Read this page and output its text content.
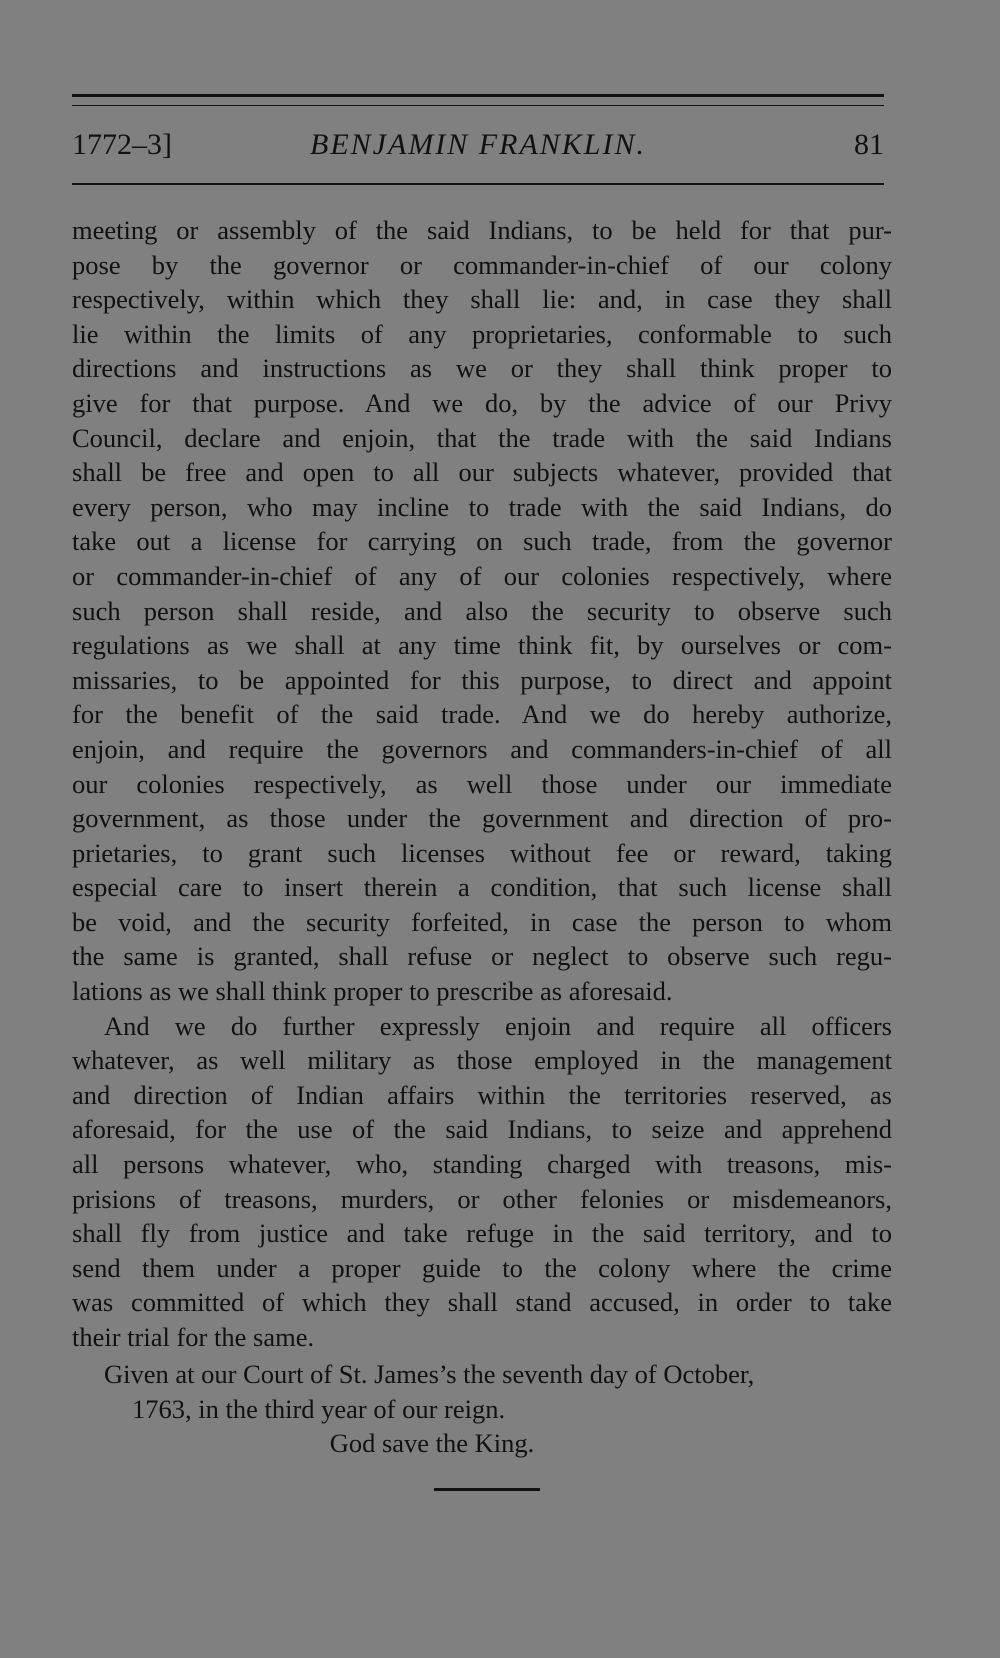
1772–3]	BENJAMIN FRANKLIN.	81
meeting or assembly of the said Indians, to be held for that pur-
pose by the governor or commander-in-chief of our colony
respectively, within which they shall lie: and, in case they shall
lie within the limits of any proprietaries, conformable to such
directions and instructions as we or they shall think proper to
give for that purpose. And we do, by the advice of our Privy
Council, declare and enjoin, that the trade with the said Indians
shall be free and open to all our subjects whatever, provided that
every person, who may incline to trade with the said Indians, do
take out a license for carrying on such trade, from the governor
or commander-in-chief of any of our colonies respectively, where
such person shall reside, and also the security to observe such
regulations as we shall at any time think fit, by ourselves or com-
missaries, to be appointed for this purpose, to direct and appoint
for the benefit of the said trade. And we do hereby authorize,
enjoin, and require the governors and commanders-in-chief of all
our colonies respectively, as well those under our immediate
government, as those under the government and direction of pro-
prietaries, to grant such licenses without fee or reward, taking
especial care to insert therein a condition, that such license shall
be void, and the security forfeited, in case the person to whom
the same is granted, shall refuse or neglect to observe such regu-
lations as we shall think proper to prescribe as aforesaid.
And we do further expressly enjoin and require all officers
whatever, as well military as those employed in the management
and direction of Indian affairs within the territories reserved, as
aforesaid, for the use of the said Indians, to seize and apprehend
all persons whatever, who, standing charged with treasons, mis-
prisions of treasons, murders, or other felonies or misdemeanors,
shall fly from justice and take refuge in the said territory, and to
send them under a proper guide to the colony where the crime
was committed of which they shall stand accused, in order to take
their trial for the same.
Given at our Court of St. James’s the seventh day of October,
1763, in the third year of our reign.
God save the King.
